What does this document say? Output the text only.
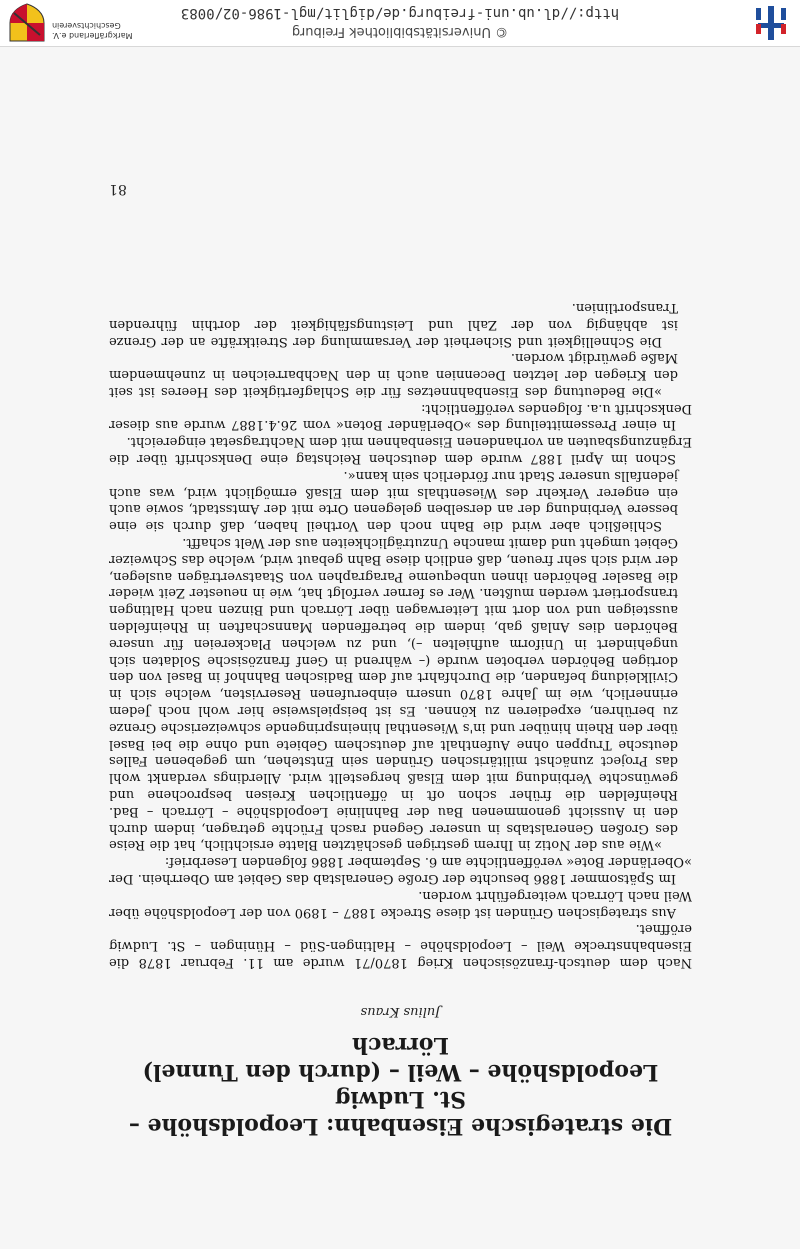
Die strategische Eisenbahn: Leopoldshöhe – St. Ludwig
Leopoldshöhe – Weil – (durch den Tunnel) Lörrach
Julius Kraus

Nach dem deutsch-französischen Krieg 1870/71 wurde am 11. Februar 1878 die Eisenbahnstrecke Weil – Leopoldshöhe – Haltingen-Süd – Hüningen – St. Ludwig eröffnet.

Aus strategischen Gründen ist diese Strecke 1887 – 1890 von der Leopoldshöhe über Weil nach Lörrach weitergeführt worden.

Im Spätsommer 1886 besuchte der Große Generalstab das Gebiet am Oberrhein. Der »Oberländer Bote« veröffentlichte am 6. September 1886 folgenden Leserbrief:

»Wie aus der Notiz in Ihrem gestrigen geschätzten Blatte ersichtlich, hat die Reise des Großen Generalstabs in unserer Gegend rasch Früchte getragen, indem durch den in Aussicht genommenen Bau der Bahnlinie Leopoldshöhe – Lörrach – Bad. Rheinfelden die früher schon oft in öffentlichen Kreisen besprochene und gewünschte Verbindung mit dem Elsaß hergestellt wird. Allerdings verdankt wohl das Project zunächst militärischen Gründen sein Entstehen, um gegebenen Falles deutsche Truppen ohne Aufenthalt auf deutschem Gebiete und ohne die bei Basel über den Rhein hinüber und in's Wiesenthal hineinspringende schweizerische Grenze zu berühren, expedieren zu können. Es ist beispielsweise hier wohl noch Jedem erinnerlich, wie im Jahre 1870 unsern einberufenen Reservisten, welche sich in Civilkleidung befanden, die Durchfahrt auf dem Badischen Bahnhof in Basel von den dortigen Behörden verboten wurde (– während in Genf französische Soldaten sich ungehindert in Uniform aufhielten –), und zu welchen Plackereien für unsere Behörden dies Anlaß gab, indem die betreffenden Mannschaften in Rheinfelden aussteigen und von dort mit Leiterwagen über Lörrach und Binzen nach Haltingen transportiert werden mußten. Wer es ferner verfolgt hat, wie in neuester Zeit wieder die Baseler Behörden ihnen unbequeme Paragraphen von Staatsverträgen auslegen, der wird sich sehr freuen, daß endlich diese Bahn gebaut wird, welche das Schweizer Gebiet umgeht und damit manche Unzuträglichkeiten aus der Welt schafft.

Schließlich aber wird die Bahn noch den Vortheil haben, daß durch sie eine bessere Verbindung der an derselben gelegenen Orte mit der Amtsstadt, sowie auch ein engerer Verkehr des Wiesenthals mit dem Elsaß ermöglicht wird, was auch jedenfalls unserer Stadt nur förderlich sein kann«.

Schon im April 1887 wurde dem deutschen Reichstag eine Denkschrift über die Ergänzungsbauten an vorhandenen Eisenbahnen mit dem Nachtragsetat eingereicht.

In einer Pressemitteilung des »Oberländer Boten« vom 26.4.1887 wurde aus dieser Denkschrift u.a. folgendes veröffentlicht:

»Die Bedeutung des Eisenbahnnetzes für die Schlagfertigkeit des Heeres ist seit den Kriegen der letzten Decennien auch in den Nachbarreichen in zunehmendem Maße gewürdigt worden.

Die Schnelligkeit und Sicherheit der Versammlung der Streitkräfte an der Grenze ist abhängig von der Zahl und Leistungsfähigkeit der dorthin führenden Transportlinien.

81
© Universitätsbibliothek Freiburg
http://dl.ub.uni-freiburg.de/diglit/mgl-1986-02/0083
Markgräflerland e.V.
Geschichtsverein
